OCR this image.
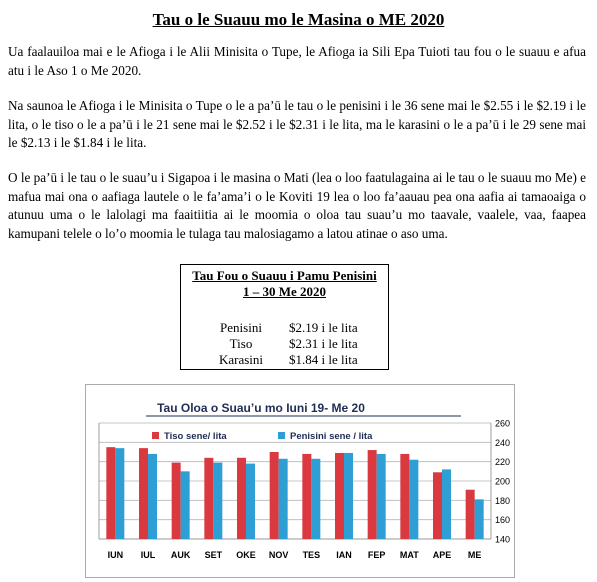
Tau o le Suauu mo le Masina o ME 2020

Ua faalauiloa mai e le Afioga i le Alii Minisita o Tupe, le Afioga ia Sili Epa Tuioti tau fou o le suauu e afua atu i le Aso 1 o Me 2020.

Na saunoa le Afioga i le Minisita o Tupe o le a pa’ū le tau o le penisini i le 36 sene mai le $2.55 i le $2.19 i le lita, o le tiso o le a pa’ū i le 21 sene mai le $2.52 i le $2.31 i le lita, ma le karasini o le a pa’ū i le 29 sene mai le $2.13 i le $1.84 i le lita.

O le pa’ū i le tau o le suau’u i Sigapoa i le masina o Mati (lea o loo faatulagaina ai le tau o le suauu mo Me) e mafua mai ona o aafiaga lautele o le fa’ama’i o le Koviti 19 lea o loo fa’aauau pea ona aafia ai tamaoaiga o atunuu uma o le lalolagi ma faaitiitia ai le moomia o oloa tau suau’u mo taavale, vaalele, vaa, faapea kamupani telele o lo’o moomia le tulaga tau malosiagamo a latou atinae o aso uma.

Tau Fou o Suauu i Pamu Penisini
1 – 30 Me 2020
Penisini	$2.19 i le lita
Tiso	$2.31 i le lita
Karasini	$1.84 i le lita
Tau Oloa o Suau’u mo Iuni 19- Me 20
140
160
180
200
220
240
260
IUN IUL AUK SET OKE NOV TES IAN FEP MAT APE ME
Tiso sene/ lita	Penisini sene / lita
